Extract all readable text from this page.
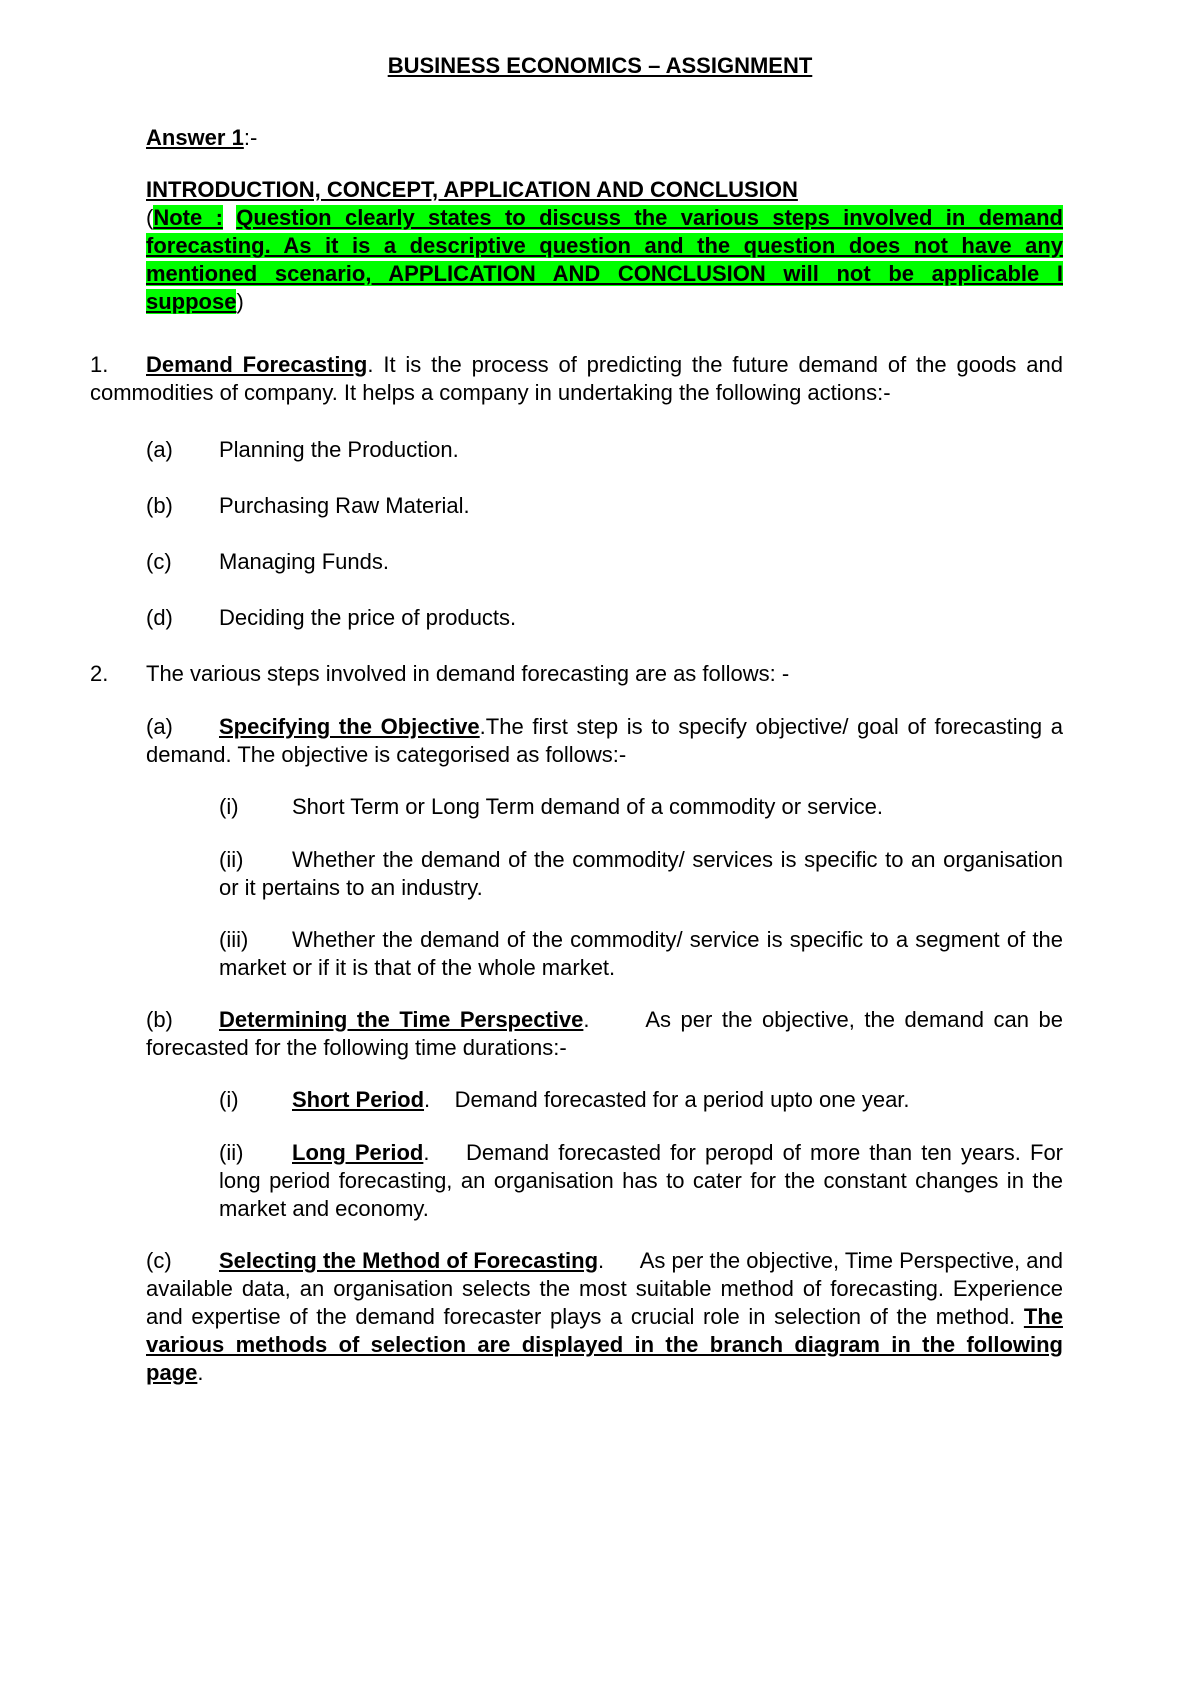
BUSINESS ECONOMICS – ASSIGNMENT
Answer 1:-
INTRODUCTION, CONCEPT, APPLICATION AND CONCLUSION
(Note : Question clearly states to discuss the various steps involved in demand forecasting. As it is a descriptive question and the question does not have any mentioned scenario, APPLICATION AND CONCLUSION will not be applicable I suppose)
1. Demand Forecasting. It is the process of predicting the future demand of the goods and commodities of company. It helps a company in undertaking the following actions:-
(a) Planning the Production.
(b) Purchasing Raw Material.
(c) Managing Funds.
(d) Deciding the price of products.
2. The various steps involved in demand forecasting are as follows: -
(a) Specifying the Objective.The first step is to specify objective/ goal of forecasting a demand. The objective is categorised as follows:-
(i) Short Term or Long Term demand of a commodity or service.
(ii) Whether the demand of the commodity/ services is specific to an organisation or it pertains to an industry.
(iii) Whether the demand of the commodity/ service is specific to a segment of the market or if it is that of the whole market.
(b) Determining the Time Perspective.      As per the objective, the demand can be forecasted for the following time durations:-
(i) Short Period.    Demand forecasted for a period upto one year.
(ii) Long Period.    Demand forecasted for peropd of more than ten years. For long period forecasting, an organisation has to cater for the constant changes in the market and economy.
(c) Selecting the Method of Forecasting.      As per the objective, Time Perspective, and available data, an organisation selects the most suitable method of forecasting. Experience and expertise of the demand forecaster plays a crucial role in selection of the method. The various methods of selection are displayed in the branch diagram in the following page.
